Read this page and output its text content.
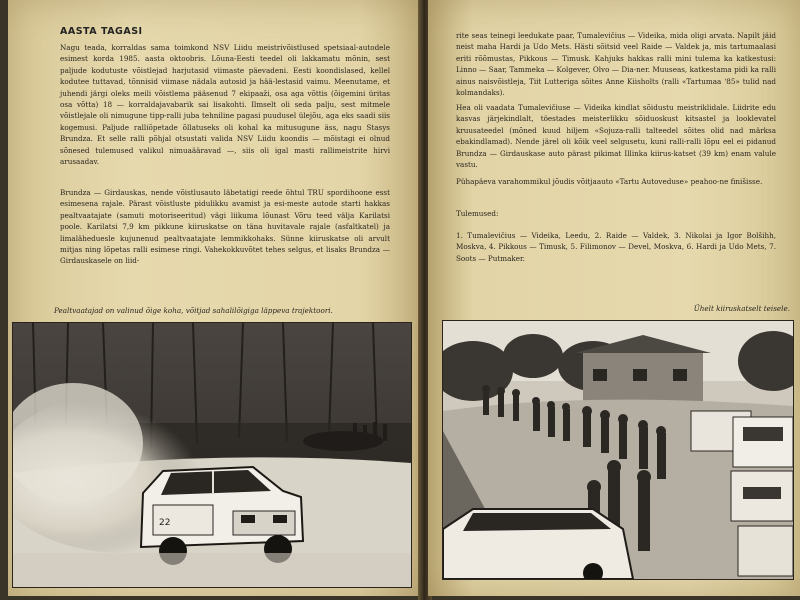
AASTA TAGASI

Nagu teada, korraldas sama toimkond NSV Liidu meistrivõistlused spetsiaal-autodele esimest korda 1985. aasta oktoobris. Lõuna-Eesti teedel oli lakkamatu mõnin, sest paljude kodutuste võistlejad harjutasid viimaste päevadeni. Eesti koondislased, kellel kodutee tuttavad, tõnnisid viimase nädala autosid ja hää-lestasid vaimu. Meenutame, et juhendi järgi oleks meili võistlema pääsenud 7 ekipaaži, osa aga võttis (õigemini üritas osa võtta) 18 — korraldajavabarik sai lisakohti. Ilmselt oli seda palju, sest mitmele võistlejale oli nimugune tipp-ralli juba tehniline pagasi puudusel ülejõu, aga eks saadi siis kogemusi. Paljude ralliõpetade õllatuseks oli kohal ka mitusugune äss, nagu Stasys Brundza. Et selle ralli põhjal otsustati valida NSV Liidu koondis — mõistagi ei olnud sõnesed tulemused valikul nimuaääravad —, siis oli igal masti rallimeistrite hirvi arusaadav.

Brundza — Girdauskas, nende võistlusauto läbetatigi reede õhtul TRU spordihoone esst esimesena rajale. Pärast võistluste pidulikku avamist ja esi-meste autode starti hakkas pealtvaatajate (samuti motoriseeritud) vägi liikuma lõunast Võru teed välja Karilatsi poole. Karilatsi 7,9 km pikkune kiiruskatse on täna huvitavale rajale (asfaltkatel) ja limaläheduesle kujunenud pealtvaatajate lemmikkohaks. Sünne kiiruskatse oli arvult mitjas ning lõpetas ralli esimese ringi. Vahekokkuvõtet tehes selgus, et lisaks Brundza — Girdauskasele on liid-

Pealtvaatajad on valinud õige koha, võitjad sahalilõigiga läppeva trajektoori.

22

rite seas teinegi leedukate paar, Tumalevičius — Videika, mida oligi arvata. Napilt jäid neist maha Hardi ja Udo Mets. Hästi sõitsid veel Raide — Valdek ja, mis tartumaalasi eriti rõõmustas, Pikkous — Timusk. Kahjuks hakkas ralli mini tulema ka katkestusi: Linno — Saar, Tammeka — Kolgever, Olvo — Dia-ner. Muuseas, katkestama pidi ka ralli ainus naisvõistleja, Tiit Lutteriga sõites Anne Kiisholts (ralli «Tartumaa '85» tulid nad kolmandaks).

Hea oli vaadata Tumalevičiuse — Videika kindlat sõidustu meistriklidale. Liidrite edu kasvas järjekindlalt, töestades meisterlikku sõiduoskust kitsastel ja looklevatel kruusateedel (mõned kuud hiljem «Sojuza-ralli talteedel sõites olid nad märksa ebakindlamad). Nende järel oli kõik veel selgusetu, kuni ralli-ralli lõpu eel ei pidanud Brundza — Girdauskase auto pärast pikimat Illinka kiirus-katset (39 km) enam valule vastu.

Pühapäeva varahommikul jõudis võitjaauto «Tartu Autoveduse» peahoo-ne finišisse.

Tulemused:

1. Tumalevičius — Videika, Leedu, 2. Raide — Valdek, 3. Nikolai ja Igor Bolšihh, Moskva, 4. Pikkous — Timusk, 5. Filimonov — Devel, Moskva, 6. Hardi ja Udo Mets, 7. Soots — Putmaker.

Ühelt kiiruskatselt teisele.
